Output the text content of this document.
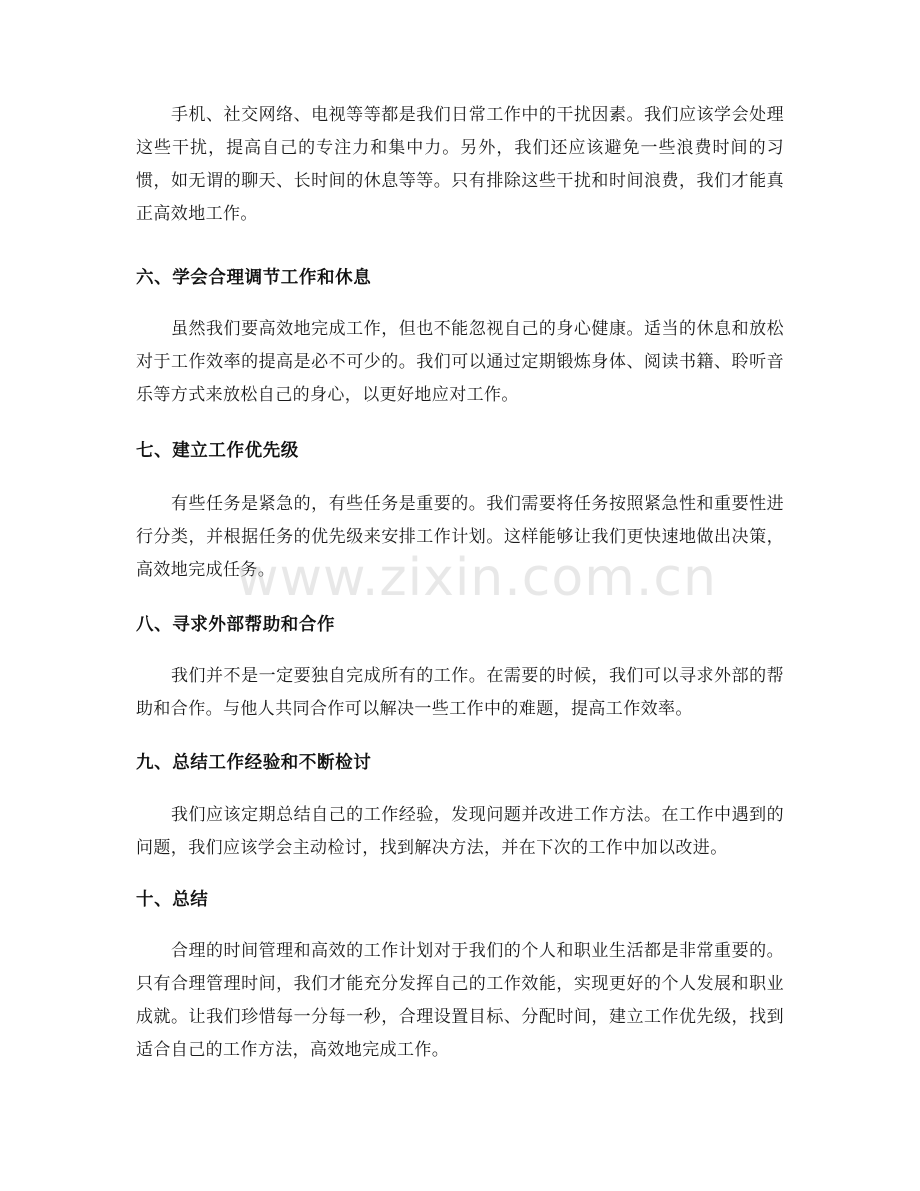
手机、社交网络、电视等等都是我们日常工作中的干扰因素。我们应该学会处理这些干扰，提高自己的专注力和集中力。另外，我们还应该避免一些浪费时间的习惯，如无谓的聊天、长时间的休息等等。只有排除这些干扰和时间浪费，我们才能真正高效地工作。

六、学会合理调节工作和休息

虽然我们要高效地完成工作，但也不能忽视自己的身心健康。适当的休息和放松对于工作效率的提高是必不可少的。我们可以通过定期锻炼身体、阅读书籍、聆听音乐等方式来放松自己的身心，以更好地应对工作。

七、建立工作优先级

有些任务是紧急的，有些任务是重要的。我们需要将任务按照紧急性和重要性进行分类，并根据任务的优先级来安排工作计划。这样能够让我们更快速地做出决策，高效地完成任务。

八、寻求外部帮助和合作

我们并不是一定要独自完成所有的工作。在需要的时候，我们可以寻求外部的帮助和合作。与他人共同合作可以解决一些工作中的难题，提高工作效率。

九、总结工作经验和不断检讨

我们应该定期总结自己的工作经验，发现问题并改进工作方法。在工作中遇到的问题，我们应该学会主动检讨，找到解决方法，并在下次的工作中加以改进。

十、总结

合理的时间管理和高效的工作计划对于我们的个人和职业生活都是非常重要的。只有合理管理时间，我们才能充分发挥自己的工作效能，实现更好的个人发展和职业成就。让我们珍惜每一分每一秒，合理设置目标、分配时间，建立工作优先级，找到适合自己的工作方法，高效地完成工作。

www.zixin.com.cn
